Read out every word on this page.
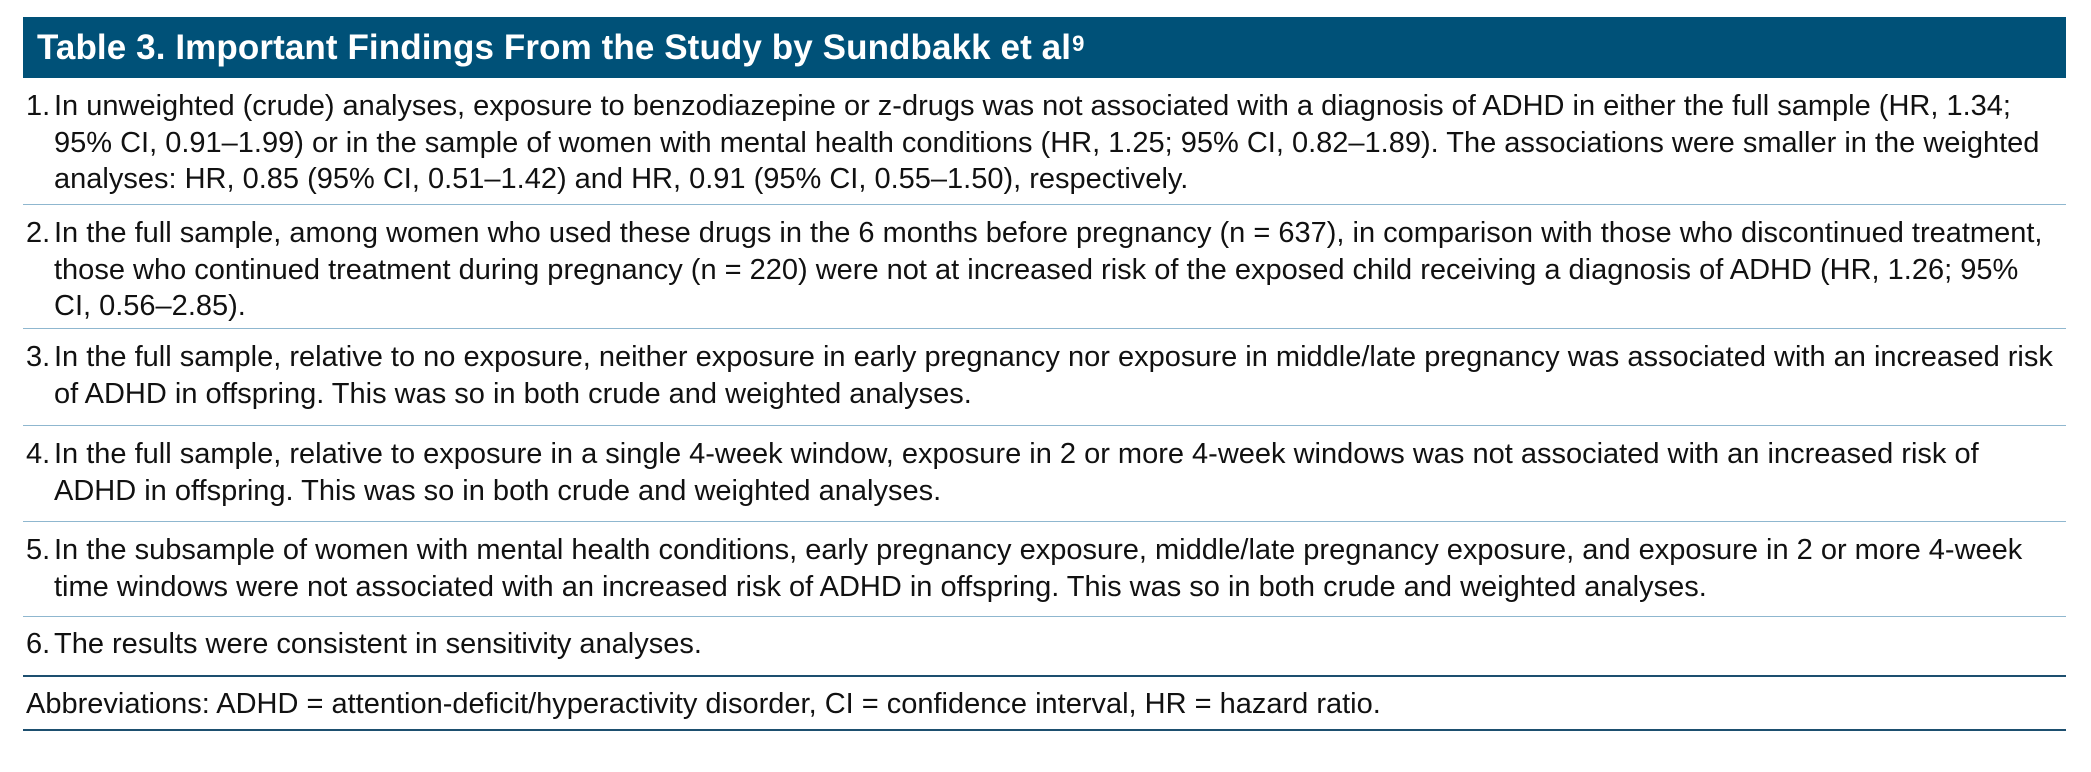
Table 3. Important Findings From the Study by Sundbakk et $al^9$
1. In unweighted (crude) analyses, exposure to benzodiazepine or z-drugs was not associated with a diagnosis of ADHD in either the full sample (HR, 1.34; 95% CI, 0.91–1.99) or in the sample of women with mental health conditions (HR, 1.25; 95% CI, 0.82–1.89). The associations were smaller in the weighted analyses: HR, 0.85 (95% CI, 0.51–1.42) and HR, 0.91 (95% CI, 0.55–1.50), respectively.
2. In the full sample, among women who used these drugs in the 6 months before pregnancy (n = 637), in comparison with those who discontinued treatment, those who continued treatment during pregnancy (n = 220) were not at increased risk of the exposed child receiving a diagnosis of ADHD (HR, 1.26; 95% CI, 0.56–2.85).
3. In the full sample, relative to no exposure, neither exposure in early pregnancy nor exposure in middle/late pregnancy was associated with an increased risk of ADHD in offspring. This was so in both crude and weighted analyses.
4. In the full sample, relative to exposure in a single 4-week window, exposure in 2 or more 4-week windows was not associated with an increased risk of ADHD in offspring. This was so in both crude and weighted analyses.
5. In the subsample of women with mental health conditions, early pregnancy exposure, middle/late pregnancy exposure, and exposure in 2 or more 4-week time windows were not associated with an increased risk of ADHD in offspring. This was so in both crude and weighted analyses.
6. The results were consistent in sensitivity analyses.
Abbreviations: ADHD = attention-deficit/hyperactivity disorder, CI = confidence interval, HR = hazard ratio.
